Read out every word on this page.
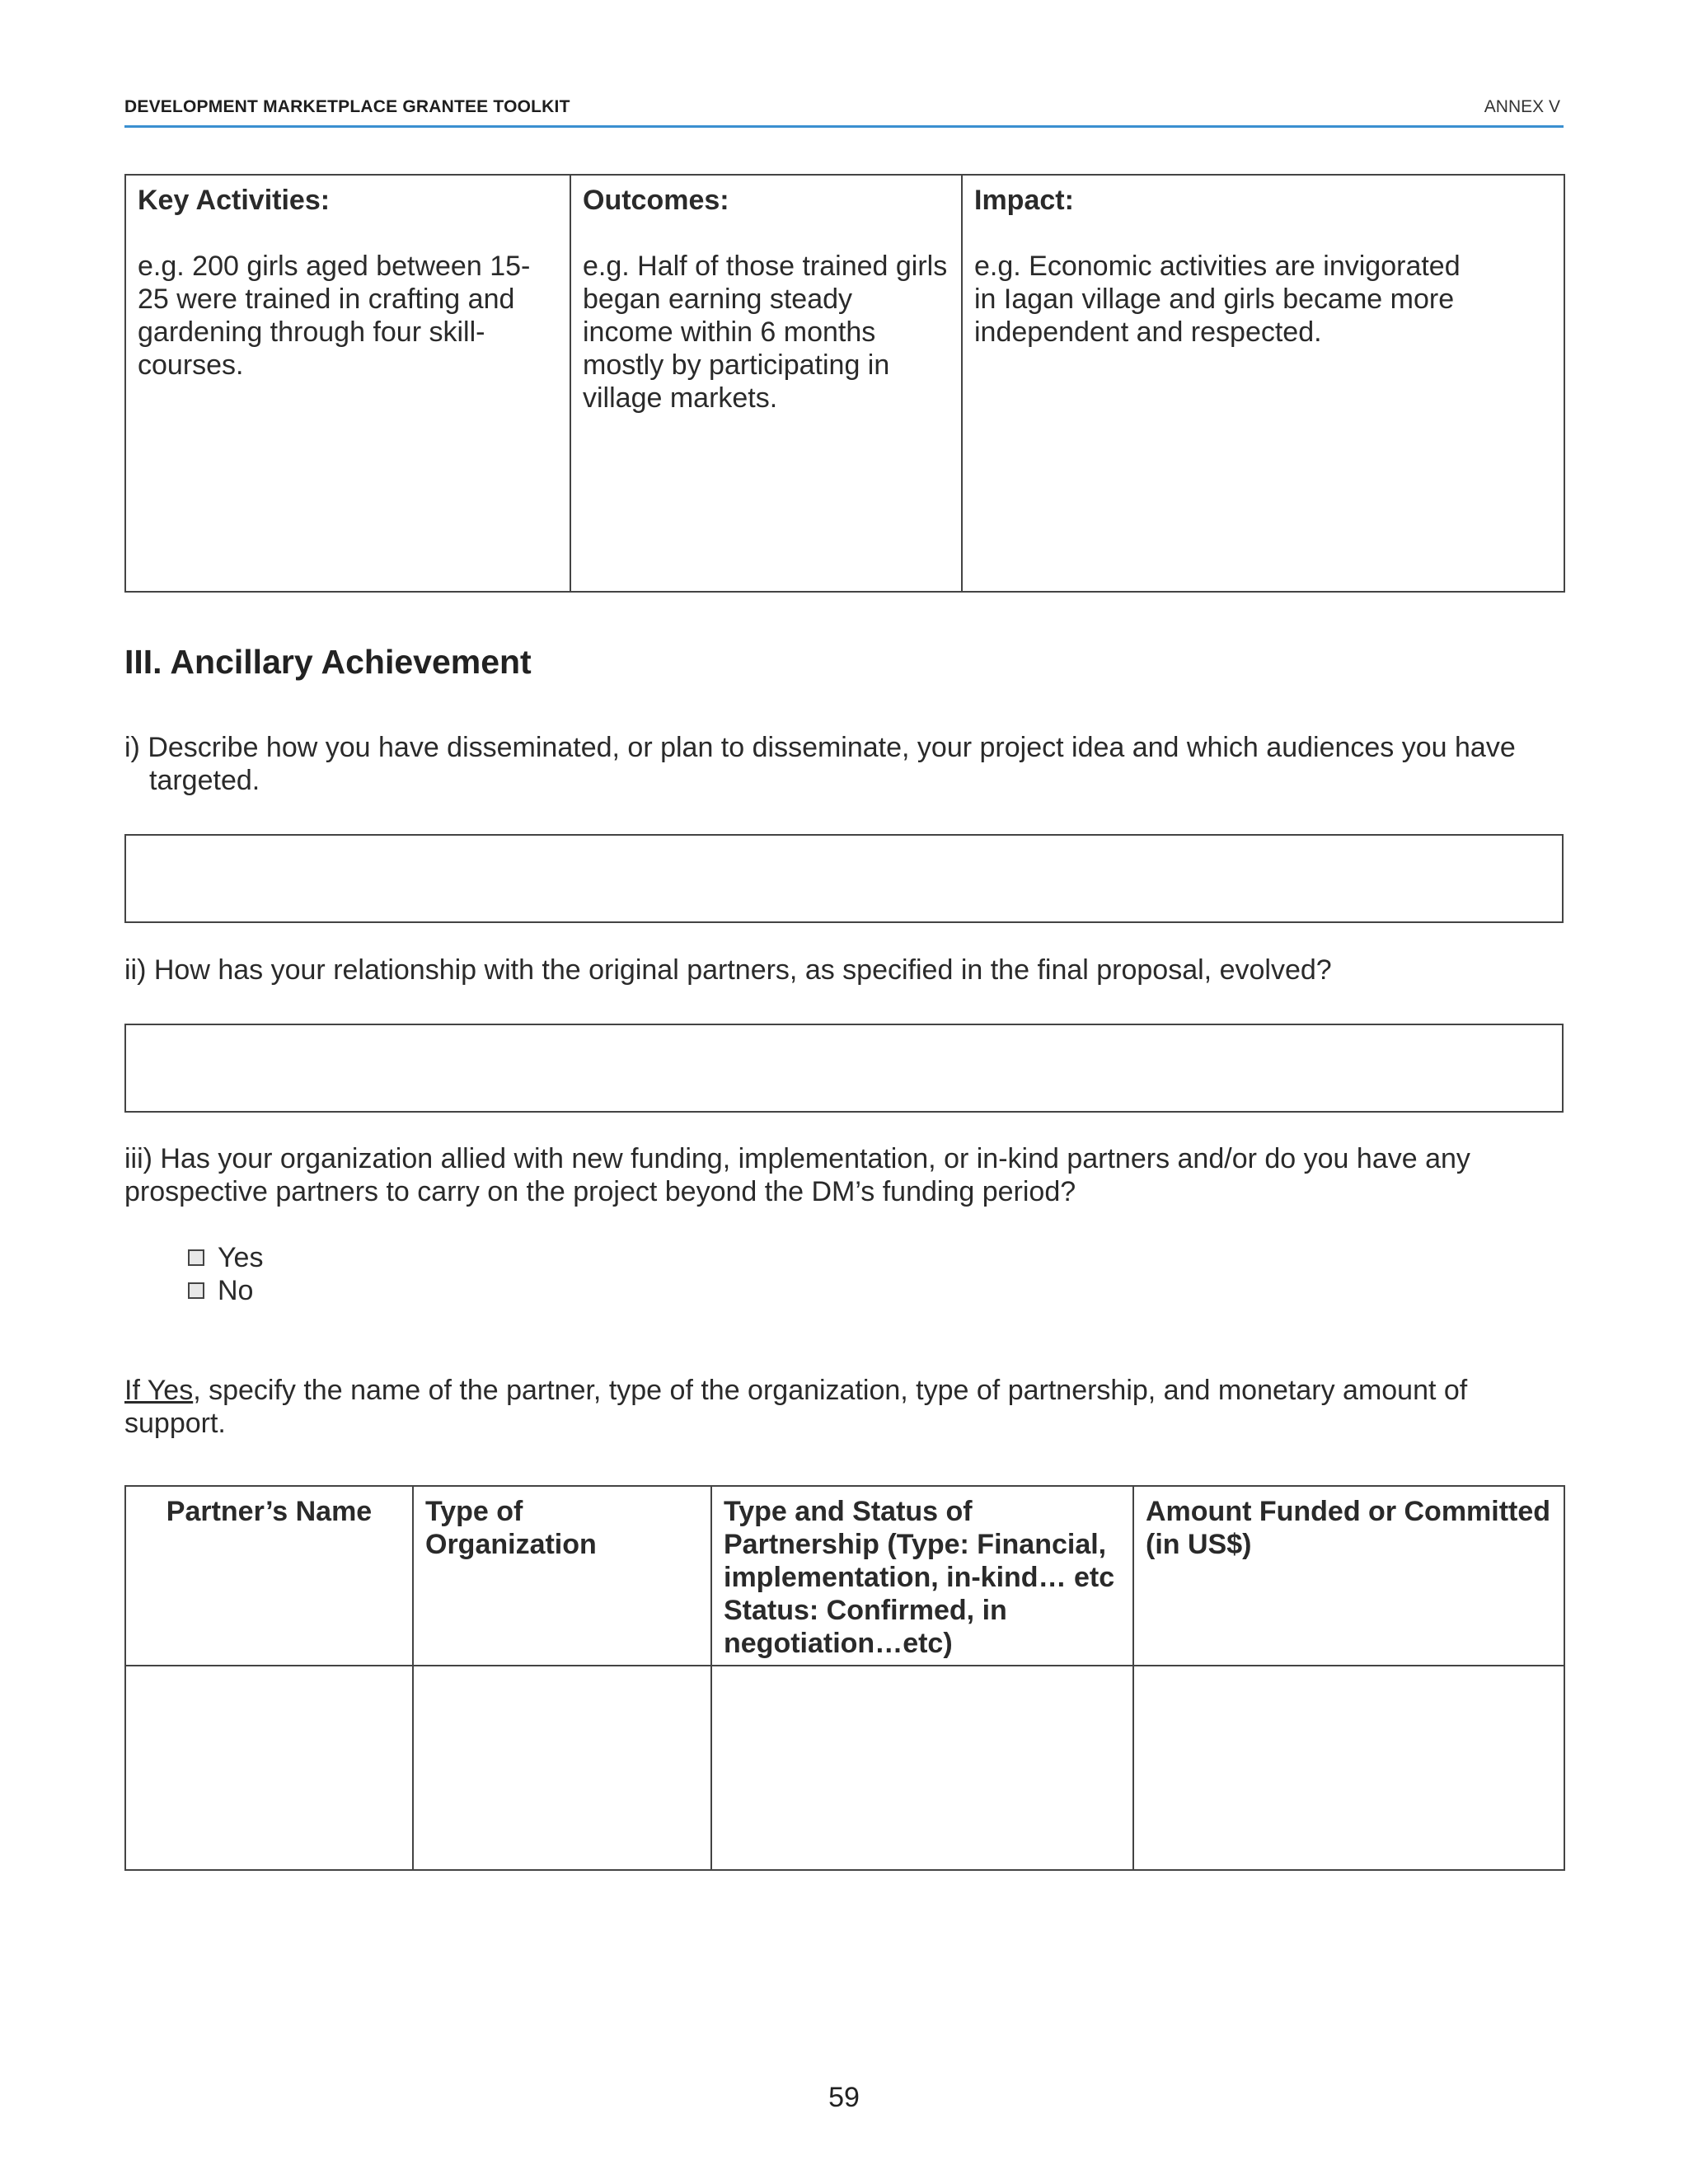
DEVELOPMENT MARKETPLACE GRANTEE TOOLKIT	ANNEX V
Key Activities:
e.g. 200 girls aged between 15-25 were trained in crafting and gardening through four skill-courses.

Outcomes:
e.g. Half of those trained girls began earning steady income within 6 months mostly by participating in village markets.

Impact:
e.g. Economic activities are invigorated in Iagan village and girls became more independent and respected.
III. Ancillary Achievement
i) Describe how you have disseminated, or plan to disseminate, your project idea and which audiences you have
targeted.
ii) How has your relationship with the original partners, as specified in the final proposal, evolved?
iii) Has your organization allied with new funding, implementation, or in-kind partners and/or do you have any prospective partners to carry on the project beyond the DM’s funding period?
Yes
No
If Yes, specify the name of the partner, type of the organization, type of partnership, and monetary amount of support.
Partner’s Name	Type of Organization	Type and Status of Partnership (Type: Financial, implementation, in-kind… etc Status: Confirmed, in negotiation…etc)	Amount Funded or Committed (in US$)

59
